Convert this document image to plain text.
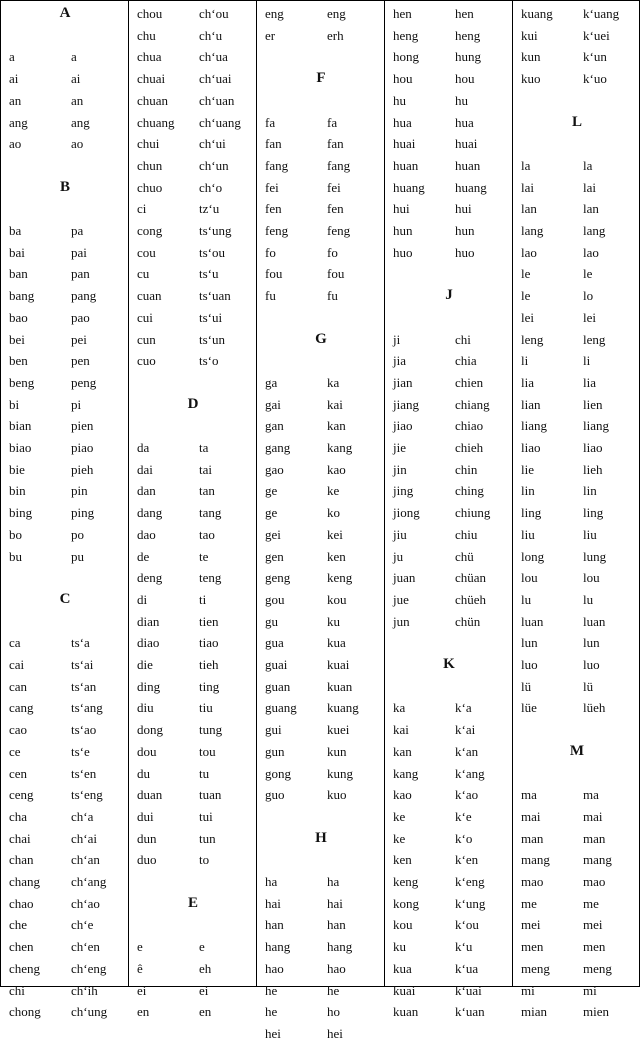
A
a	a
ai	ai
an	an
ang	ang
ao	ao
B
ba	pa
bai	pai
ban	pan
bang	pang
bao	pao
bei	pei
ben	pen
beng	peng
bi	pi
bian	pien
biao	piao
bie	pieh
bin	pin
bing	ping
bo	po
bu	pu
C
ca	ts‘a
cai	ts‘ai
can	ts‘an
cang	ts‘ang
cao	ts‘ao
ce	ts‘e
cen	ts‘en
ceng	ts‘eng
cha	ch‘a
chai	ch‘ai
chan	ch‘an
chang ch‘ang
chao	ch‘ao
che	ch‘e
chen	ch‘en
cheng ch‘eng
chi	ch‘ih
chong ch‘ung
chou	ch‘ou
chu	ch‘u
chua	ch‘ua
chuai	ch‘uai
chuan ch‘uan
chuang ch‘uang
chui	ch‘ui
chun	ch‘un
chuo	ch‘o
ci	tz‘u
cong	ts‘ung
cou	ts‘ou
cu	ts‘u
cuan	ts‘uan
cui	ts‘ui
cun	ts‘un
cuo	ts‘o
D
da	ta
dai	tai
dan	tan
dang	tang
dao	tao
de	te
deng	teng
di	ti
dian	tien
diao	tiao
die	tieh
ding	ting
diu	tiu
dong	tung
dou	tou
du	tu
duan	tuan
dui	tui
dun	tun
duo	to
E
e	e
ê	eh
ei	ei
en	en
eng	eng
er	erh
F
fa	fa
fan	fan
fang	fang
fei	fei
fen	fen
feng	feng
fo	fo
fou	fou
fu	fu
G
ga	ka
gai	kai
gan	kan
gang	kang
gao	kao
ge	ke
ge	ko
gei	kei
gen	ken
geng	keng
gou	kou
gu	ku
gua	kua
guai	kuai
guan	kuan
guang kuang
gui	kuei
gun	kun
gong	kung
guo	kuo
H
ha	ha
hai	hai
han	han
hang	hang
hao	hao
he	he
he	ho
hei	hei
hen	hen
heng	heng
hong	hung
hou	hou
hu	hu
hua	hua
huai	huai
huan	huan
huang huang
hui	hui
hun	hun
huo	huo
J
ji	chi
jia	chia
jian	chien
jiang	chiang
jiao	chiao
jie	chieh
jin	chin
jing	ching
jiong	chiung
jiu	chiu
ju	chü
juan	chüan
jue	chüeh
jun	chün
K
ka	k‘a
kai	k‘ai
kan	k‘an
kang	k‘ang
kao	k‘ao
ke	k‘e
ke	k‘o
ken	k‘en
keng	k‘eng
kong	k‘ung
kou	k‘ou
ku	k‘u
kua	k‘ua
kuai	k‘uai
kuan	k‘uan
kuang k‘uang
kui	k‘uei
kun	k‘un
kuo	k‘uo
L
la	la
lai	lai
lan	lan
lang	lang
lao	lao
le	le
le	lo
lei	lei
leng	leng
li	li
lia	lia
lian	lien
liang	liang
liao	liao
lie	lieh
lin	lin
ling	ling
liu	liu
long	lung
lou	lou
lu	lu
luan	luan
lun	lun
luo	luo
lü	lü
lüe	lüeh
M
ma	ma
mai	mai
man	man
mang	mang
mao	mao
me	me
mei	mei
men	men
meng	meng
mi	mi
mian	mien
